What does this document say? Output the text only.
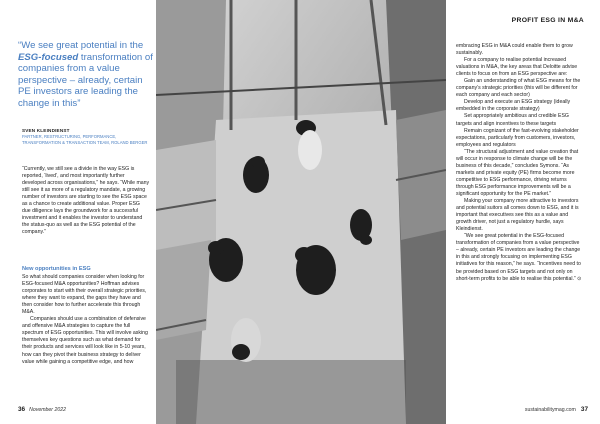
“We see great potential in the ESG-focused transformation of companies from a value perspective – already, certain PE investors are leading the change in this”
SVEN KLEINDIENST
PARTNER, RESTRUCTURING, PERFORMANCE, TRANSFORMATION & TRANSACTION TEAM, ROLAND BERGER
“Currently, we still see a divide in the way ESG is reported, ‘lived’, and most importantly further developed across organisations,” he says. “While many still see it as more of a regulatory mandate, a growing number of investors are starting to see the ESG space as a chance to create additional value. Proper ESG due diligence lays the groundwork for a successful investment and it enables the investor to understand the status-quo as well as the ESG potential of the company.”
New opportunities in ESG
So what should companies consider when looking for ESG-focused M&A opportunities? Hoffman advises corporates to start with their overall strategic priorities, where they want to expand, the gaps they have and then consider how to further accelerate this through M&A.
Companies should use a combination of defensive and offensive M&A strategies to capture the full spectrum of ESG opportunities. This will involve asking themselves key questions such as what demand for their products and services will look like in 5-10 years, how can they pivot their business strategy to deliver value while gaining a competitive edge, and how
PROFIT ESG IN M&A
embracing ESG in M&A could enable them to grow sustainably.
For a company to realise potential increased valuations in M&A, the key areas that Deloitte advise clients to focus on from an ESG perspective are:
Gain an understanding of what ESG means for the company’s strategic priorities (this will be different for each company and each sector)
Develop and execute an ESG strategy (ideally embedded in the corporate strategy)
Set appropriately ambitious and credible ESG targets and align incentives to these targets
Remain cognizant of the fast-evolving stakeholder expectations, particularly from customers, investors, employees and regulators
“The structural adjustment and value creation that will occur in response to climate change will be the business of this decade,” concludes Symons. “As markets and private equity (PE) firms become more competitive to ESG performance, driving returns through ESG performance improvements will be a significant opportunity for the PE market.”
Making your company more attractive to investors and potential suitors all comes down to ESG, and it is important that executives see this as a value and growth driver, not just a regulatory hurdle, says Kleindienst.
“We see great potential in the ESG-focused transformation of companies from a value perspective – already, certain PE investors are leading the change in this and strongly focusing on implementing ESG initiatives for this reason,” he says. “Incentives need to be provided based on ESG targets and not only on short-term profits to be able to realise this potential.” ⊙
36 November 2022	sustainabilitymag.com 37
